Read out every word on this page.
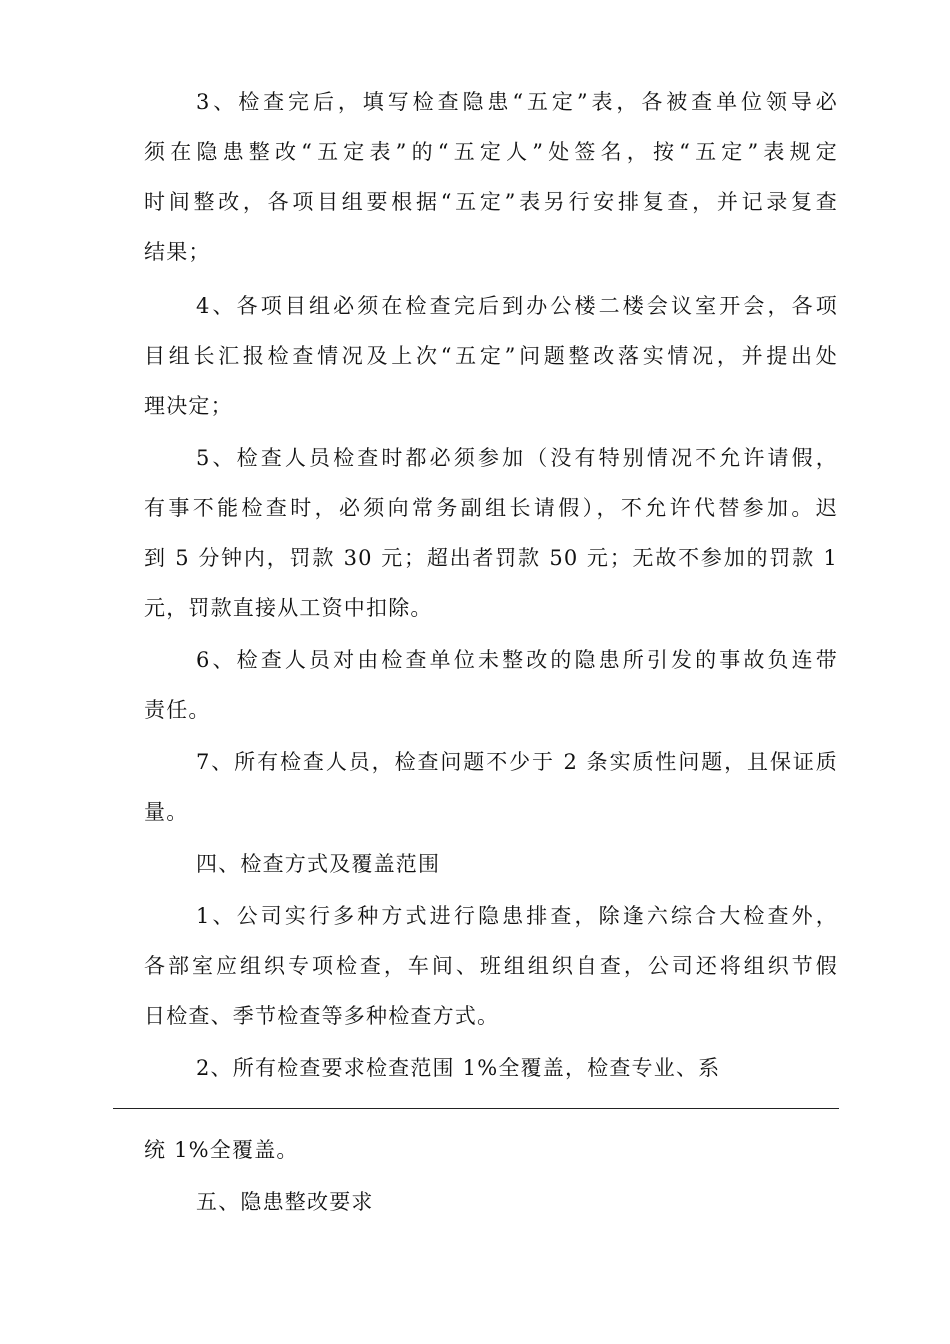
3、检查完后，填写检查隐患“五定”表，各被查单位领导必
须在隐患整改“五定表”的“五定人”处签名，按“五定”表规定
时间整改，各项目组要根据“五定”表另行安排复查，并记录复查
结果；
4、各项目组必须在检查完后到办公楼二楼会议室开会，各项
目组长汇报检查情况及上次“五定”问题整改落实情况，并提出处
理决定；
5、检查人员检查时都必须参加（没有特别情况不允许请假，
有事不能检查时，必须向常务副组长请假），不允许代替参加。迟
到 5 分钟内，罚款 30 元；超出者罚款 50 元；无故不参加的罚款 1
元，罚款直接从工资中扣除。
6、检查人员对由检查单位未整改的隐患所引发的事故负连带
责任。
7、所有检查人员，检查问题不少于 2 条实质性问题，且保证质
量。
四、检查方式及覆盖范围
1、公司实行多种方式进行隐患排查，除逢六综合大检查外，
各部室应组织专项检查，车间、班组组织自查，公司还将组织节假
日检查、季节检查等多种检查方式。
2、所有检查要求检查范围 1%全覆盖，检查专业、系
统 1%全覆盖。
五、隐患整改要求
